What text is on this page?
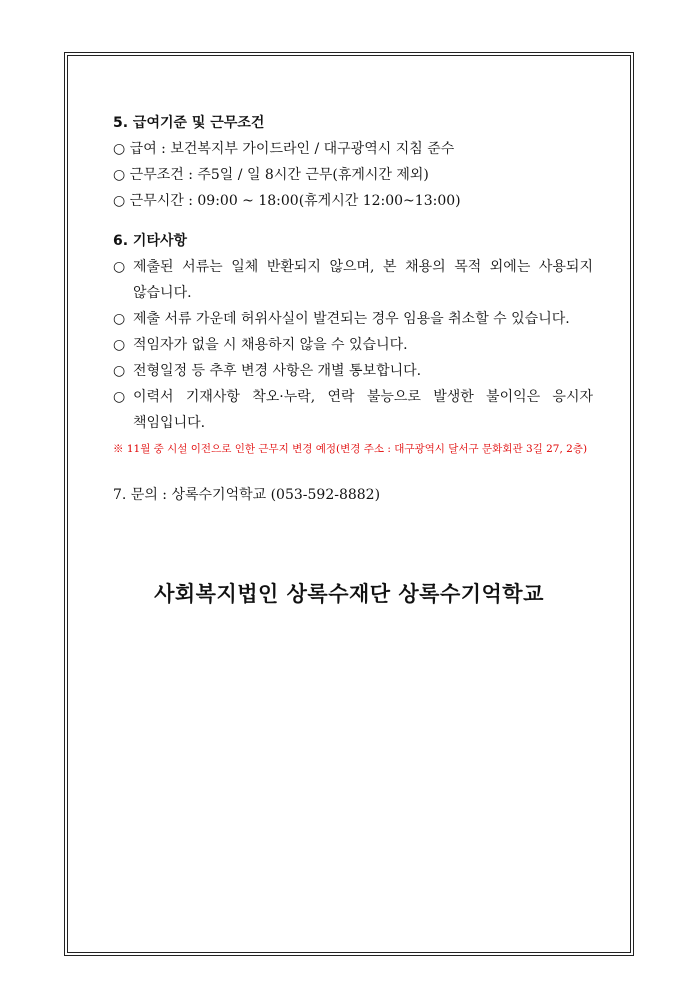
5. 급여기준 및 근무조건
○ 급여 : 보건복지부 가이드라인 / 대구광역시 지침 준수
○ 근무조건 : 주5일 / 일 8시간 근무(휴게시간 제외)
○ 근무시간 : 09:00 ~ 18:00(휴게시간 12:00~13:00)
6. 기타사항
○ 제출된 서류는 일체 반환되지 않으며, 본 채용의 목적 외에는 사용되지 않습니다.
○ 제출 서류 가운데 허위사실이 발견되는 경우 임용을 취소할 수 있습니다.
○ 적임자가 없을 시 채용하지 않을 수 있습니다.
○ 전형일정 등 추후 변경 사항은 개별 통보합니다.
○ 이력서 기재사항 착오·누락, 연락 불능으로 발생한 불이익은 응시자 책임입니다.
※ 11월 중 시설 이전으로 인한 근무지 변경 예정(변경 주소 : 대구광역시 달서구 문화회관 3길 27, 2층)
7. 문의 : 상록수기억학교 (053-592-8882)
사회복지법인 상록수재단 상록수기억학교
